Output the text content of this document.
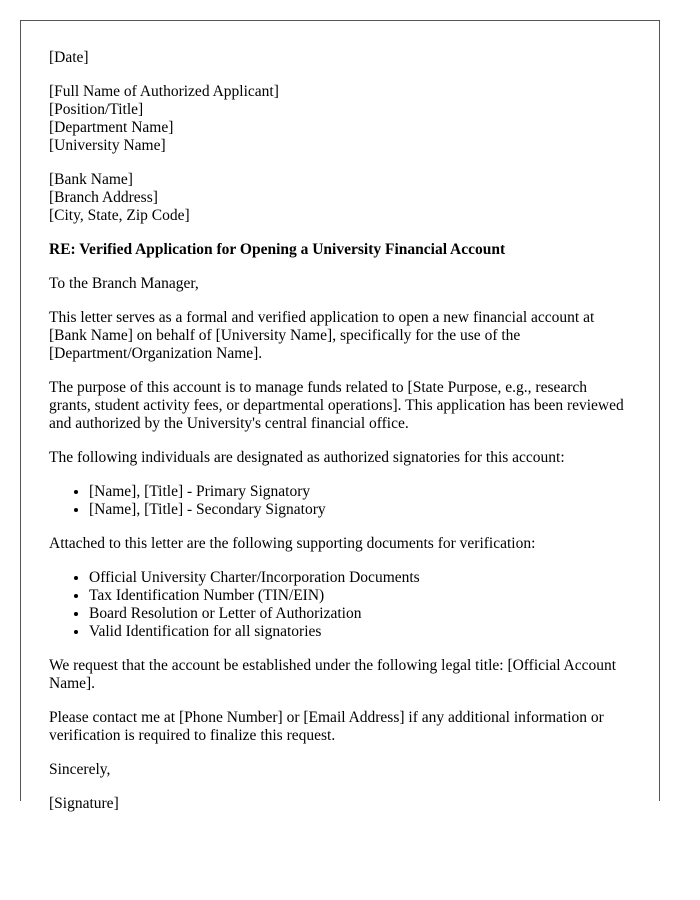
[Date]
[Full Name of Authorized Applicant]
[Position/Title]
[Department Name]
[University Name]
[Bank Name]
[Branch Address]
[City, State, Zip Code]
RE: Verified Application for Opening a University Financial Account

To the Branch Manager,

This letter serves as a formal and verified application to open a new financial account at [Bank Name] on behalf of [University Name], specifically for the use of the [Department/Organization Name].

The purpose of this account is to manage funds related to [State Purpose, e.g., research grants, student activity fees, or departmental operations]. This application has been reviewed and authorized by the University's central financial office.

The following individuals are designated as authorized signatories for this account:

• [Name], [Title] - Primary Signatory
• [Name], [Title] - Secondary Signatory

Attached to this letter are the following supporting documents for verification:

• Official University Charter/Incorporation Documents
• Tax Identification Number (TIN/EIN)
• Board Resolution or Letter of Authorization
• Valid Identification for all signatories

We request that the account be established under the following legal title: [Official Account Name].

Please contact me at [Phone Number] or [Email Address] if any additional information or verification is required to finalize this request.

Sincerely,

[Signature]
